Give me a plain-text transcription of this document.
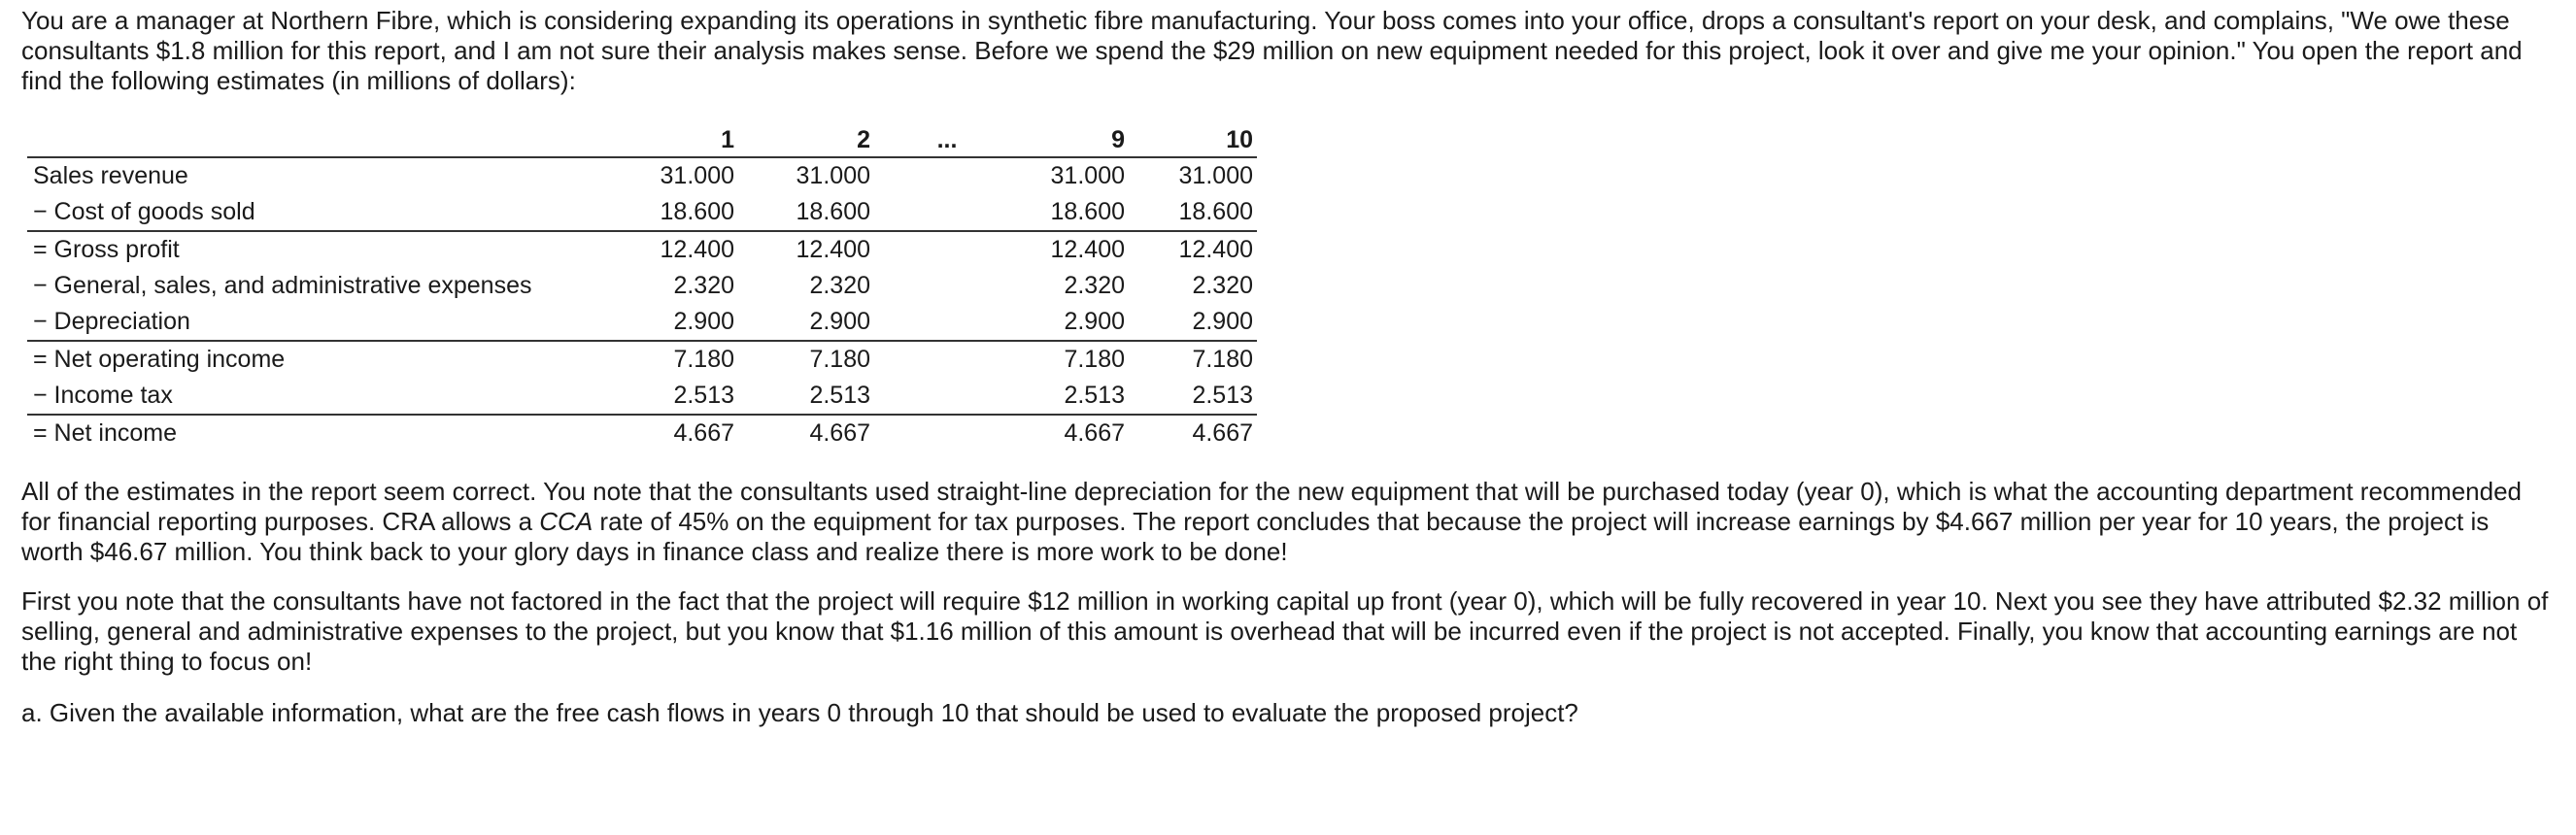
You are a manager at Northern Fibre, which is considering expanding its operations in synthetic fibre manufacturing. Your boss comes into your office, drops a consultant's report on your desk, and complains, "We owe these consultants $1.8 million for this report, and I am not sure their analysis makes sense. Before we spend the $29 million on new equipment needed for this project, look it over and give me your opinion." You open the report and find the following estimates (in millions of dollars):

	1	2	...	9	10
Sales revenue	31.000	31.000		31.000	31.000
− Cost of goods sold	18.600	18.600		18.600	18.600
= Gross profit	12.400	12.400		12.400	12.400
− General, sales, and administrative expenses	2.320	2.320		2.320	2.320
− Depreciation	2.900	2.900		2.900	2.900
= Net operating income	7.180	7.180		7.180	7.180
− Income tax	2.513	2.513		2.513	2.513
= Net income	4.667	4.667		4.667	4.667

All of the estimates in the report seem correct. You note that the consultants used straight-line depreciation for the new equipment that will be purchased today (year 0), which is what the accounting department recommended for financial reporting purposes. CRA allows a CCA rate of 45% on the equipment for tax purposes. The report concludes that because the project will increase earnings by $4.667 million per year for 10 years, the project is worth $46.67 million. You think back to your glory days in finance class and realize there is more work to be done!

First you note that the consultants have not factored in the fact that the project will require $12 million in working capital up front (year 0), which will be fully recovered in year 10. Next you see they have attributed $2.32 million of selling, general and administrative expenses to the project, but you know that $1.16 million of this amount is overhead that will be incurred even if the project is not accepted. Finally, you know that accounting earnings are not the right thing to focus on!

a. Given the available information, what are the free cash flows in years 0 through 10 that should be used to evaluate the proposed project?
